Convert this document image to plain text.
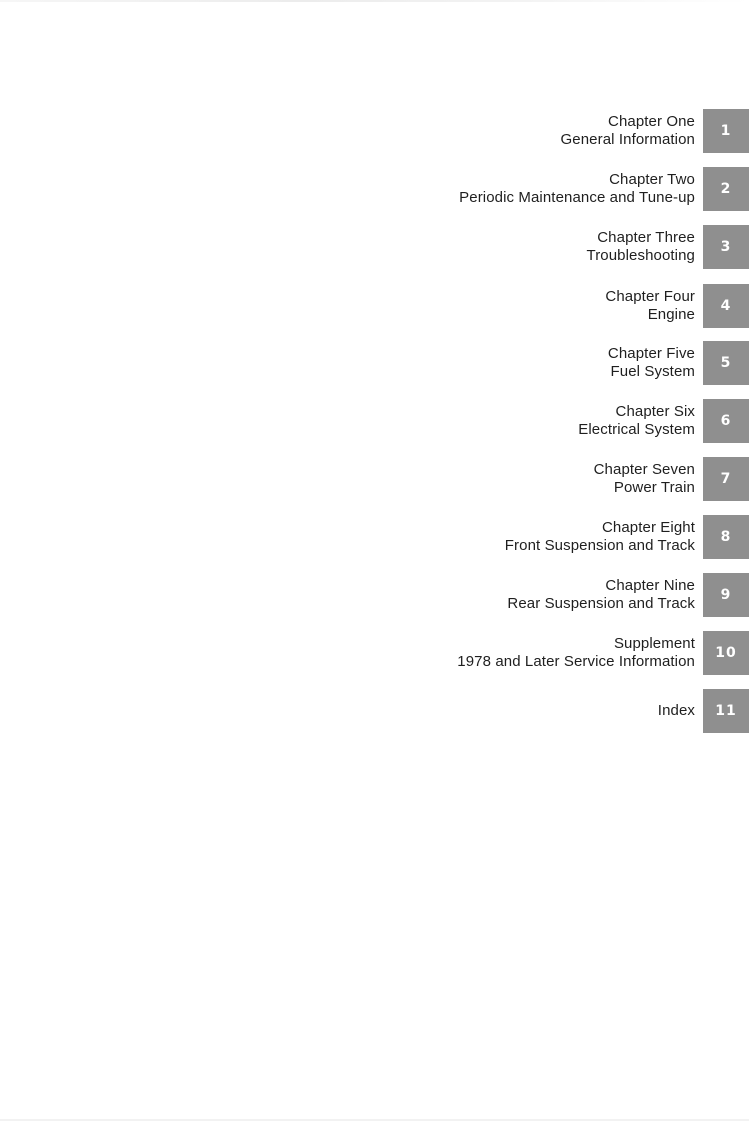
Chapter One
General Information	1
Chapter Two
Periodic Maintenance and Tune-up	2
Chapter Three
Troubleshooting	3
Chapter Four
Engine	4
Chapter Five
Fuel System	5
Chapter Six
Electrical System	6
Chapter Seven
Power Train	7
Chapter Eight
Front Suspension and Track	8
Chapter Nine
Rear Suspension and Track	9
Supplement
1978 and Later Service Information	10
Index	11
